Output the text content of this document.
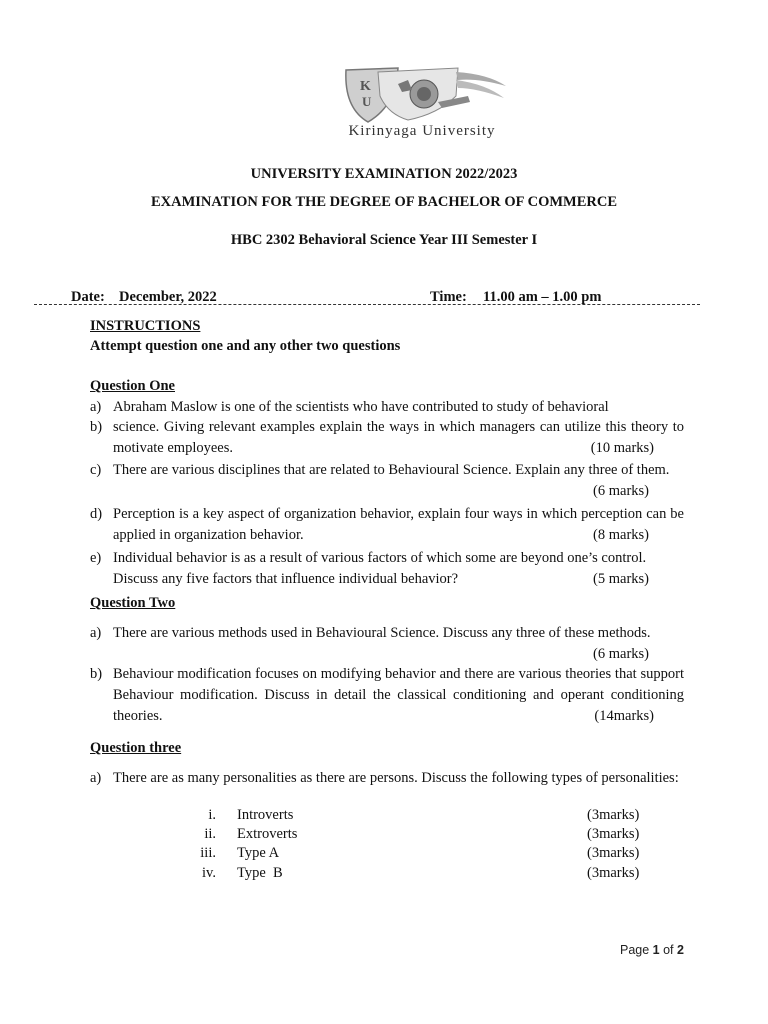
K
U
Kirinyaga University
UNIVERSITY EXAMINATION 2022/2023
EXAMINATION FOR THE DEGREE OF BACHELOR OF COMMERCE
HBC 2302 Behavioral Science Year III Semester I
Date: December, 2022	Time: 11.00 am – 1.00 pm
INSTRUCTIONS
Attempt question one and any other two questions
Question One
a) Abraham Maslow is one of the scientists who have contributed to study of behavioral
b) science. Giving relevant examples explain the ways in which managers can utilize this theory to motivate employees.	(10 marks)
c) There are various disciplines that are related to Behavioural Science. Explain any three of them.
(6 marks)
d) Perception is a key aspect of organization behavior, explain four ways in which perception can be applied in organization behavior.	(8 marks)
e) Individual behavior is as a result of various factors of which some are beyond one’s control. Discuss any five factors that influence individual behavior?	(5 marks)
Question Two
a) There are various methods used in Behavioural Science. Discuss any three of these methods.
(6 marks)
b) Behaviour modification focuses on modifying behavior and there are various theories that support Behaviour modification. Discuss in detail the classical conditioning and operant conditioning theories.	(14marks)
Question three
a) There are as many personalities as there are persons. Discuss the following types of personalities:
i. Introverts	(3marks)
ii. Extroverts	(3marks)
iii. Type A	(3marks)
iv. Type  B	(3marks)
Page 1 of 2
